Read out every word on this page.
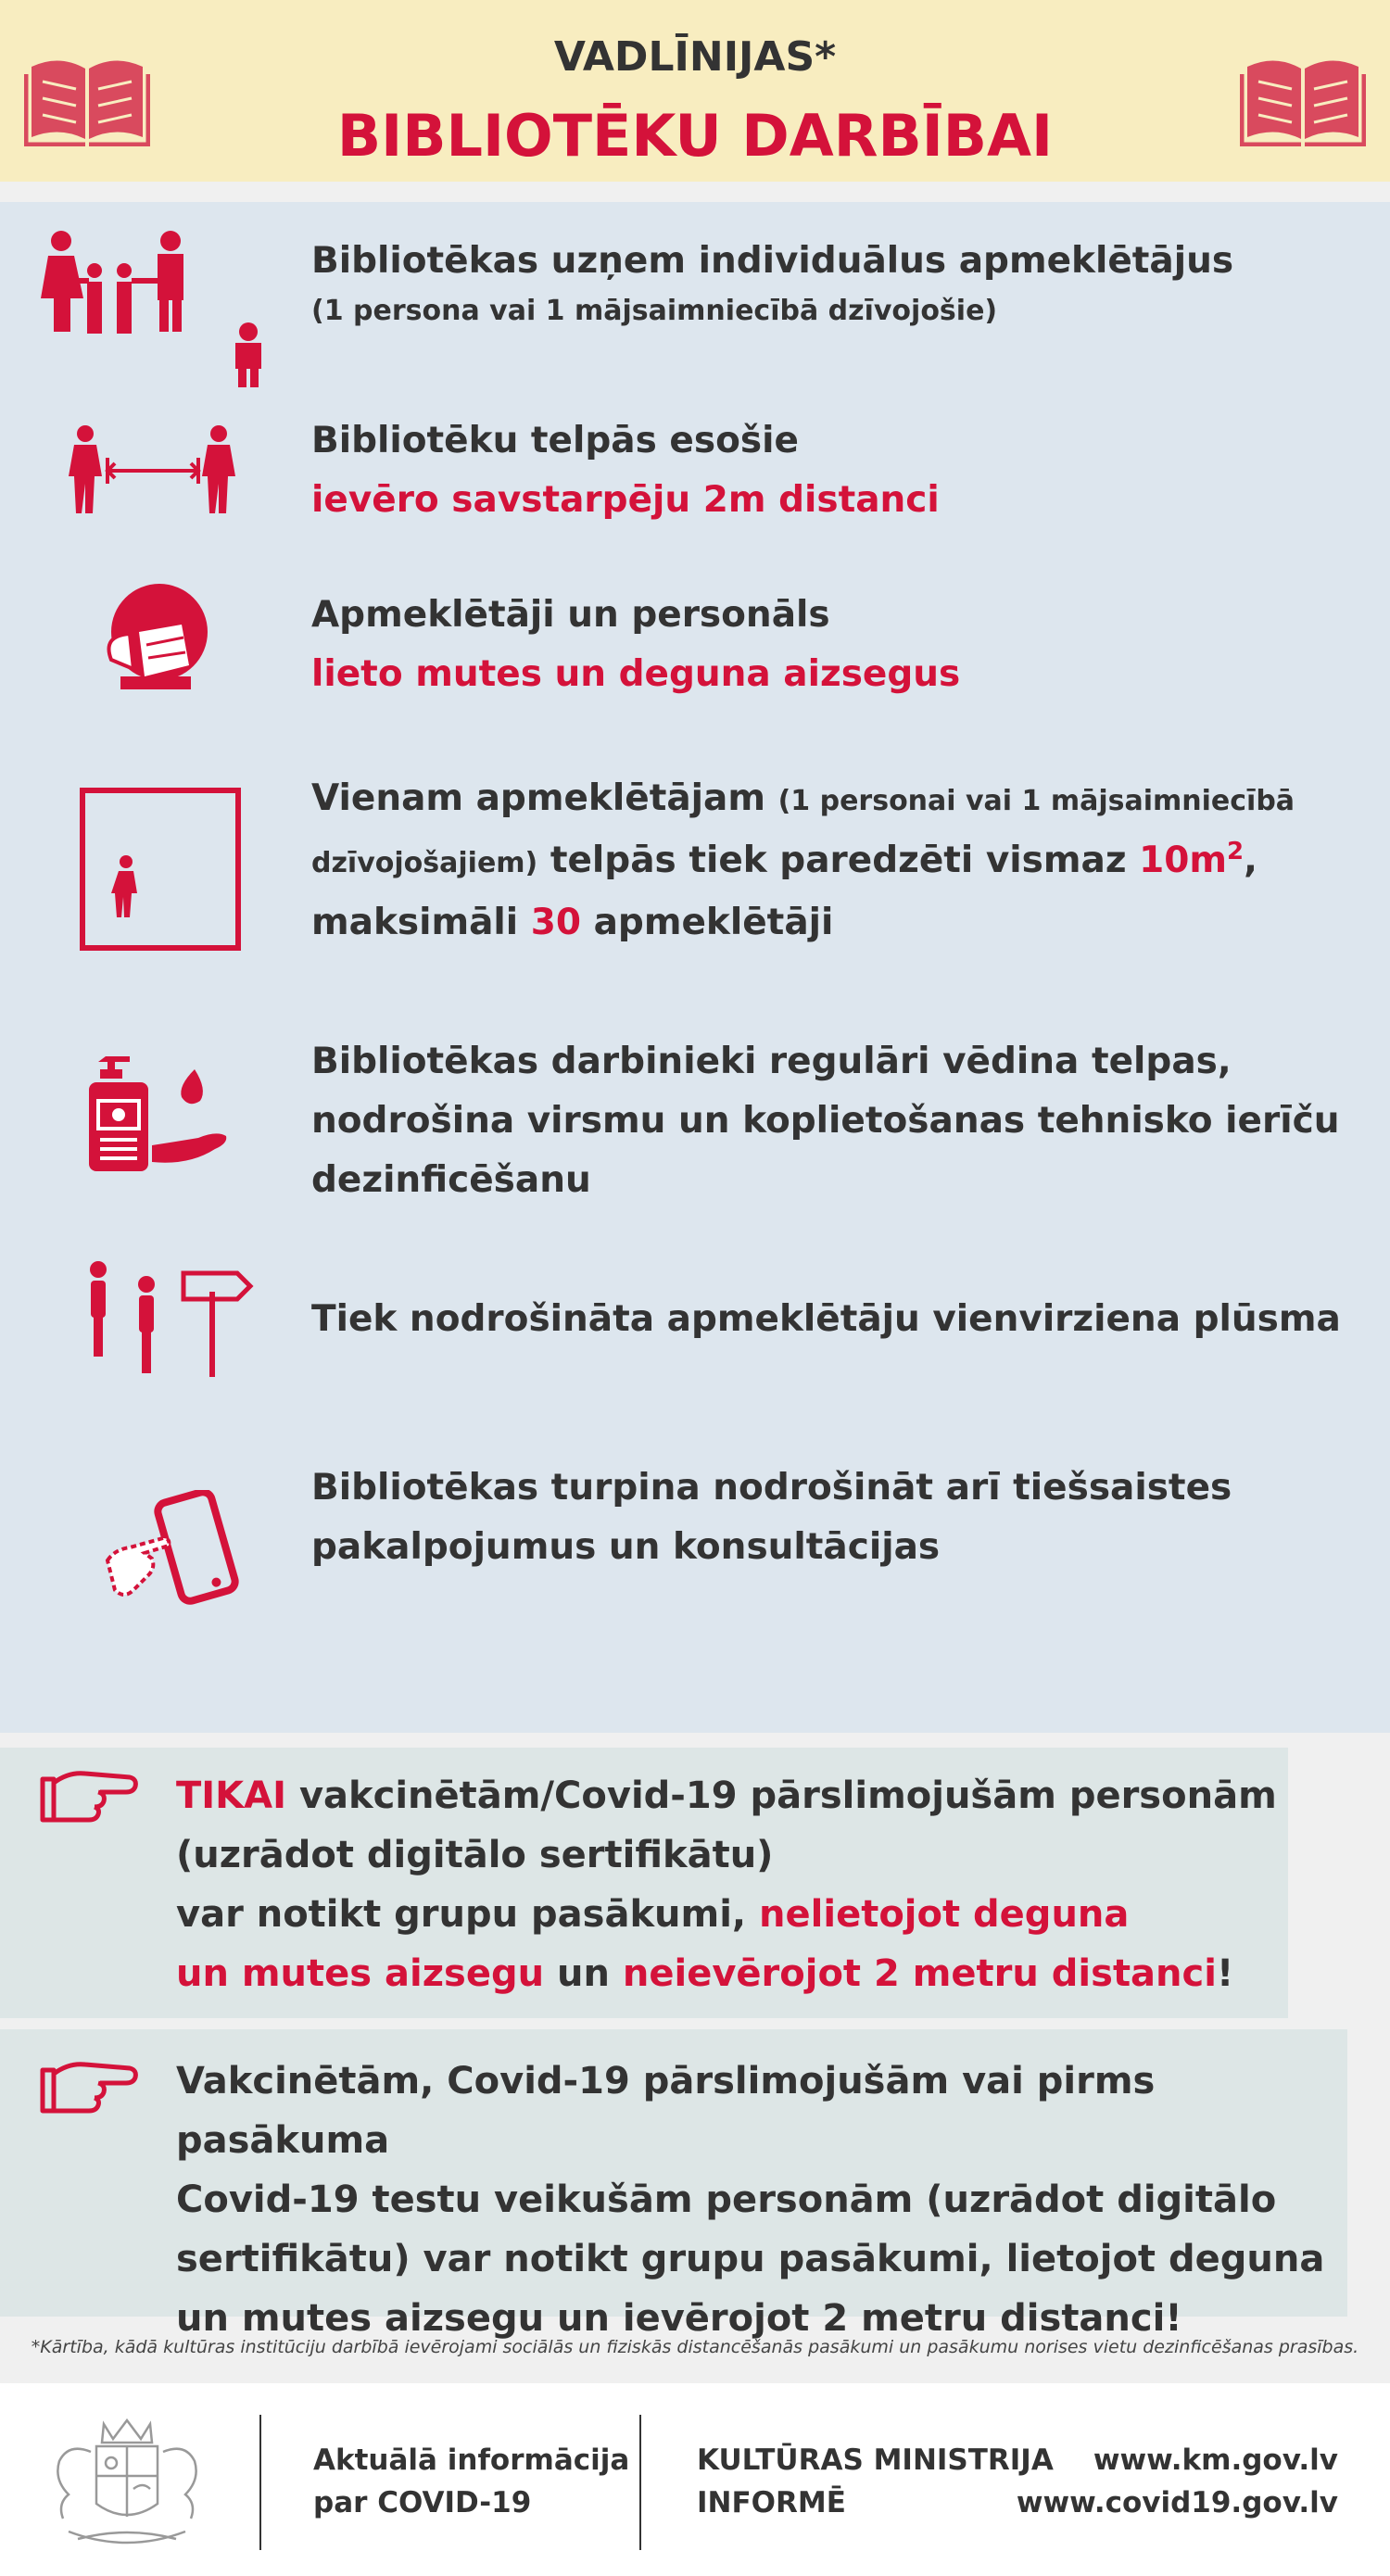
VADLĪNIJAS*
BIBLIOTĒKU DARBĪBAI
Bibliotēkas uzņem individuālus apmeklētājus
(1 persona vai 1 mājsaimniecībā dzīvojošie)
Bibliotēku telpās esošie
ievēro savstarpēju 2m distanci
Apmeklētāji un personāls
lieto mutes un deguna aizsegus
Vienam apmeklētājam (1 personai vai 1 mājsaimniecībā
dzīvojošajiem) telpās tiek paredzēti vismaz $10m^2$,
maksimāli 30 apmeklētāji
Bibliotēkas darbinieki regulāri vēdina telpas,
nodrošina virsmu un koplietošanas tehnisko ierīču
dezinficēšanu
Tiek nodrošināta apmeklētāju vienvirziena plūsma
Bibliotēkas turpina nodrošināt arī tiešsaistes
pakalpojumus un konsultācijas
TIKAI vakcinētām/Covid-19 pārslimojušām personām
(uzrādot digitālo sertifikātu)
var notikt grupu pasākumi, nelietojot deguna
un mutes aizsegu un neievērojot 2 metru distanci!
Vakcinētām, Covid-19 pārslimojušām vai pirms pasākuma
Covid-19 testu veikušām personām (uzrādot digitālo
sertifikātu) var notikt grupu pasākumi, lietojot deguna
un mutes aizsegu un ievērojot 2 metru distanci!
*Kārtība, kādā kultūras institūciju darbībā ievērojami sociālās un fiziskās distancēšanās pasākumi un pasākumu norises vietu dezinficēšanas prasības.
Aktuālā informācija
par COVID-19
KULTŪRAS MINISTRIJA
INFORMĒ
www.km.gov.lv
www.covid19.gov.lv
